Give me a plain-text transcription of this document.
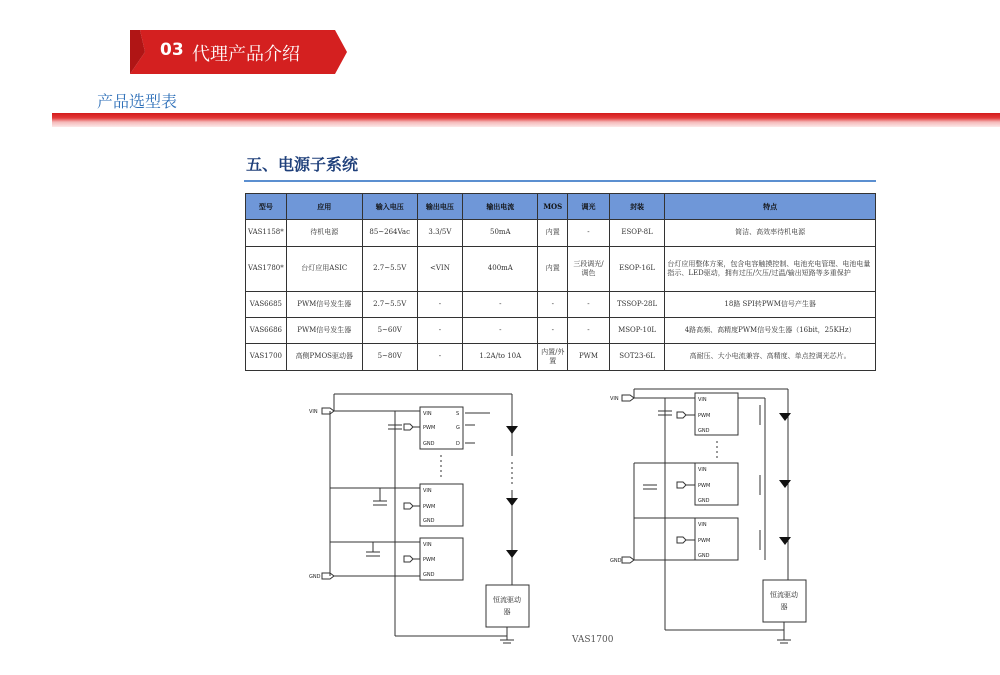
03 代理产品介绍
产品选型表
五、电源子系统
型号	应用	输入电压	输出电压	输出电流	MOS	调光	封装	特点
VAS1158*	待机电源	85~264Vac	3.3/5V	50mA	内置	-	ESOP-8L	简洁、高效率待机电源
VAS1780*	台灯应用ASIC	2.7~5.5V	<VIN	400mA	内置	三段调光/调色	ESOP-16L	台灯应用整体方案，包含电容触摸控制、电池充电管理、电池电量指示、LED驱动，拥有过压/欠压/过温/输出短路等多重保护
VAS6685	PWM信号发生器	2.7~5.5V	-	-	-	-	TSSOP-28L	18路 SPI转PWM信号产生器
VAS6686	PWM信号发生器	5~60V	-	-	-	-	MSOP-10L	4路高频、高精度PWM信号发生器（16bit，25KHz）
VAS1700	高侧PMOS驱动器	5~80V	-	1.2A/to 10A	内置/外置	PWM	SOT23-6L	高耐压、大小电流兼容、高精度、单点控调光芯片。
VIN
GND
VIN
PWM
GND
S
G
D
VIN
PWM
GND
VIN
PWM
GND
恒流驱动
器
VAS1700
VIN
GND
VIN
PWM
GND
VIN
PWM
GND
VIN
PWM
GND
恒流驱动
器
